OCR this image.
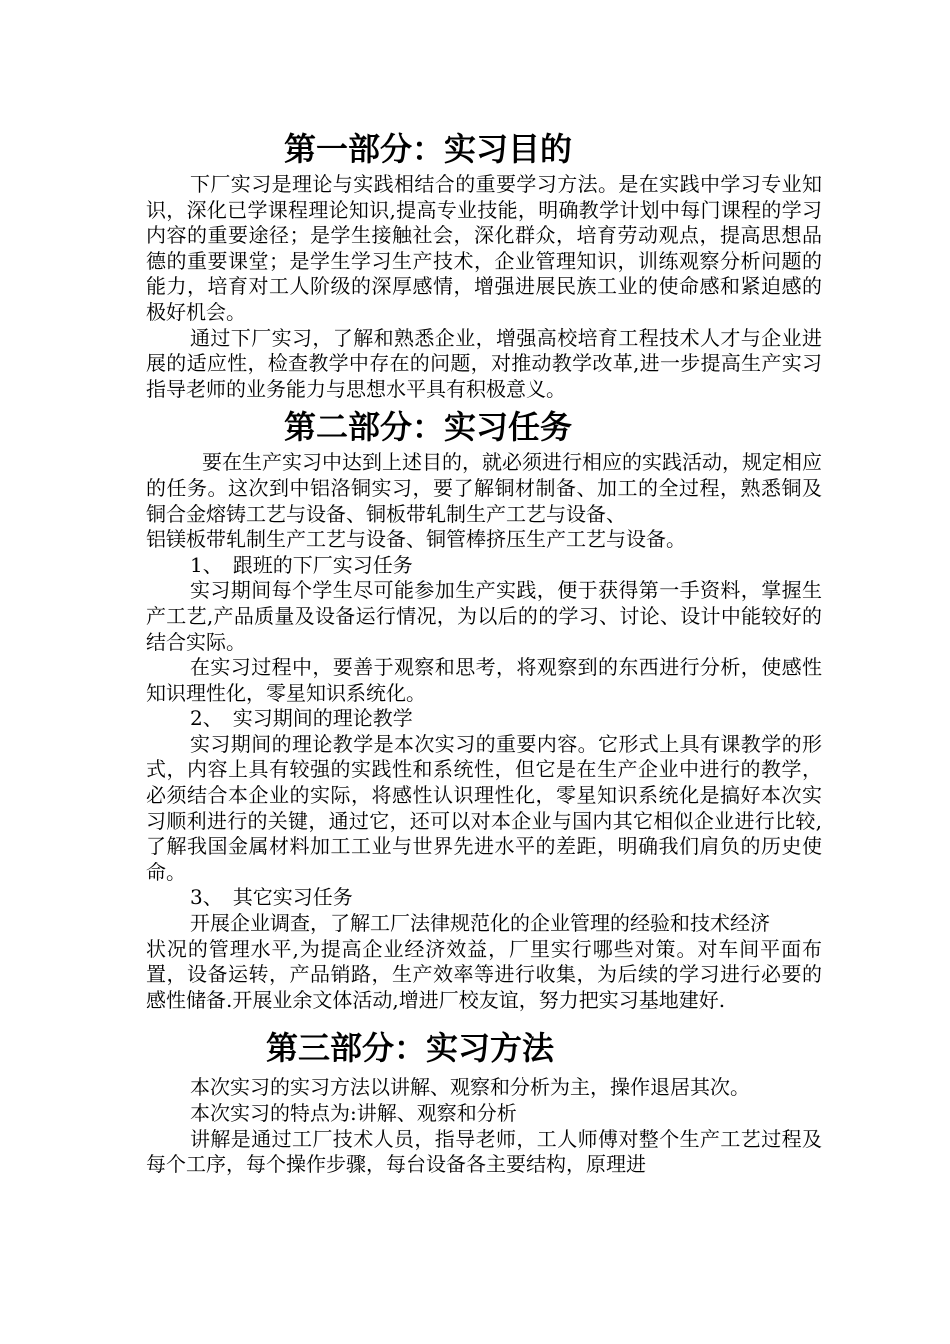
第一部分：实习目的

下厂实习是理论与实践相结合的重要学习方法。是在实践中学习专业知识，深化已学课程理论知识,提高专业技能，明确教学计划中每门课程的学习内容的重要途径；是学生接触社会，深化群众，培育劳动观点，提高思想品德的重要课堂；是学生学习生产技术，企业管理知识，训练观察分析问题的能力，培育对工人阶级的深厚感情，增强进展民族工业的使命感和紧迫感的极好机会。

通过下厂实习，了解和熟悉企业，增强高校培育工程技术人才与企业进展的适应性，检查教学中存在的问题，对推动教学改革,进一步提高生产实习指导老师的业务能力与思想水平具有积极意义。

第二部分：实习任务

要在生产实习中达到上述目的，就必须进行相应的实践活动，规定相应的任务。这次到中铝洛铜实习，要了解铜材制备、加工的全过程，熟悉铜及铜合金熔铸工艺与设备、铜板带轧制生产工艺与设备、

铝镁板带轧制生产工艺与设备、铜管棒挤压生产工艺与设备。

1、　跟班的下厂实习任务

实习期间每个学生尽可能参加生产实践，便于获得第一手资料，掌握生产工艺,产品质量及设备运行情况，为以后的的学习、讨论、设计中能较好的结合实际。

在实习过程中，要善于观察和思考，将观察到的东西进行分析，使感性知识理性化，零星知识系统化。

2、　实习期间的理论教学

实习期间的理论教学是本次实习的重要内容。它形式上具有课教学的形式，内容上具有较强的实践性和系统性，但它是在生产企业中进行的教学，必须结合本企业的实际，将感性认识理性化，零星知识系统化是搞好本次实习顺利进行的关键，通过它，还可以对本企业与国内其它相似企业进行比较,了解我国金属材料加工工业与世界先进水平的差距，明确我们肩负的历史使命。

3、　其它实习任务

开展企业调查，了解工厂法律规范化的企业管理的经验和技术经济

状况的管理水平,为提高企业经济效益，厂里实行哪些对策。对车间平面布置，设备运转，产品销路，生产效率等进行收集，为后续的学习进行必要的感性储备.开展业余文体活动,增进厂校友谊，努力把实习基地建好.

第三部分：实习方法

本次实习的实习方法以讲解、观察和分析为主，操作退居其次。

本次实习的特点为:讲解、观察和分析

讲解是通过工厂技术人员，指导老师，工人师傅对整个生产工艺过程及每个工序，每个操作步骤，每台设备各主要结构，原理进
